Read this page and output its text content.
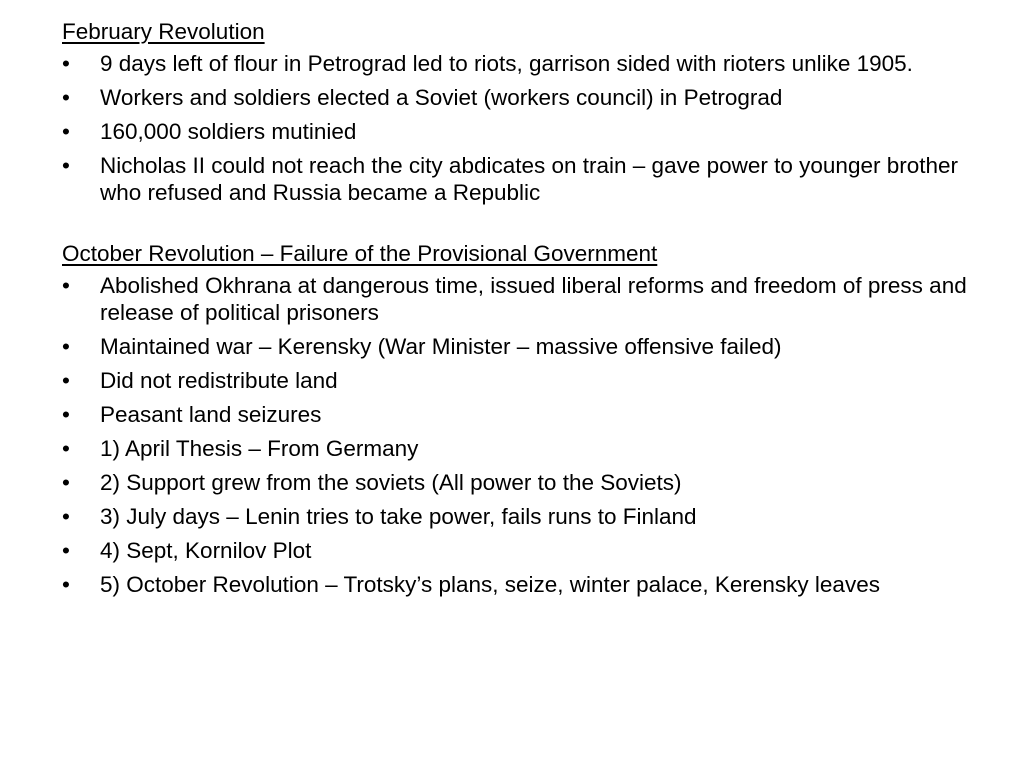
February Revolution
•	9 days left of flour in Petrograd led to riots, garrison sided with rioters unlike 1905.
•	Workers and soldiers elected a Soviet (workers council) in Petrograd
•	160,000 soldiers mutinied
•	Nicholas II could not reach the city abdicates on train – gave power to younger brother who refused and Russia became a Republic
October Revolution – Failure of the Provisional Government
•	Abolished Okhrana at dangerous time, issued liberal reforms and freedom of press and release of political prisoners
•	Maintained war – Kerensky (War Minister – massive offensive failed)
•	Did not redistribute land
•	Peasant land seizures
•	1) April Thesis – From Germany
•	2) Support grew from the soviets (All power to the Soviets)
•	3) July days – Lenin tries to take power, fails runs to Finland
•	4) Sept, Kornilov Plot
•	5) October Revolution – Trotsky’s plans, seize, winter palace, Kerensky leaves
